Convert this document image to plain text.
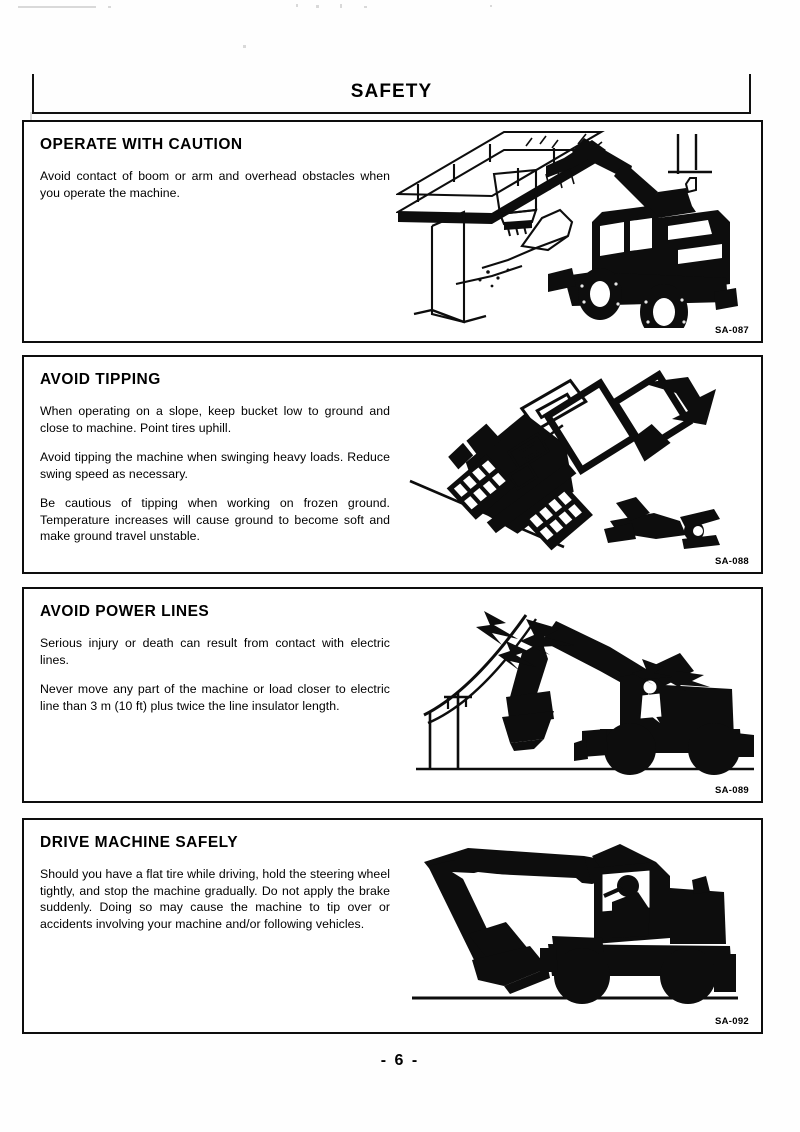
SAFETY
OPERATE WITH CAUTION

Avoid contact of boom or arm and overhead obstacles when you operate the machine.

SA-087
AVOID TIPPING

When operating on a slope, keep bucket low to ground and close to machine. Point tires uphill.

Avoid tipping the machine when swinging heavy loads. Reduce swing speed as necessary.

Be cautious of tipping when working on frozen ground. Temperature increases will cause ground to become soft and make ground travel unstable.

SA-088
AVOID POWER LINES

Serious injury or death can result from contact with electric lines.

Never move any part of the machine or load closer to electric line than 3 m (10 ft) plus twice the line insulator length.

SA-089
DRIVE MACHINE SAFELY

Should you have a flat tire while driving, hold the steering wheel tightly, and stop the machine gradually. Do not apply the brake suddenly. Doing so may cause the machine to tip over or accidents involving your machine and/or following vehicles.

SA-092
- 6 -
